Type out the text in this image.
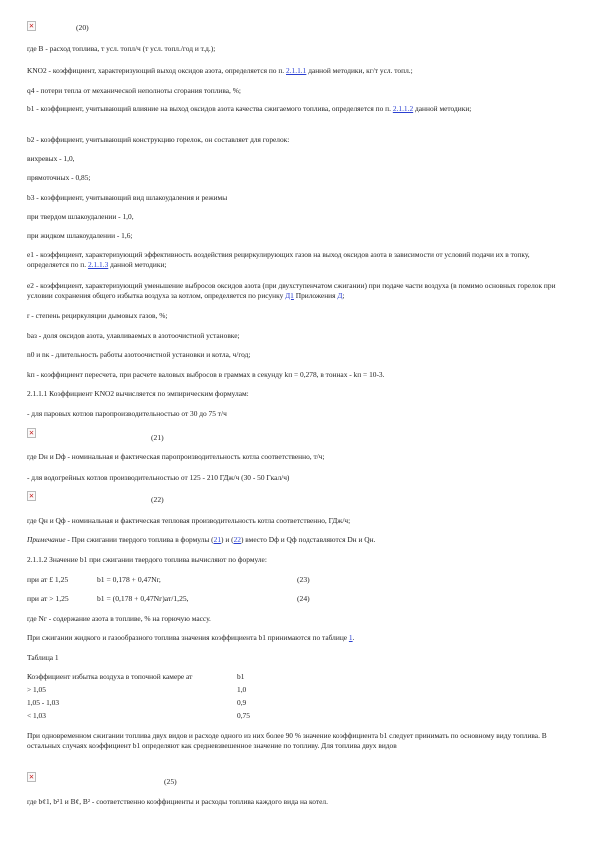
✕
(20)
где В - расход топлива, т усл. топл/ч (т усл. топл./год и т.д.);
KNO2 - коэффициент, характеризующий выход оксидов азота, определяется по п. 2.1.1.1 данной методики, кг/т усл. топл.;
q4 - потери тепла от механической неполноты сгорания топлива, %;
b1 - коэффициент, учитывающий влияние на выход оксидов азота качества сжигаемого топлива, определяется по п. 2.1.1.2 данной методики;
b2 - коэффициент, учитывающий конструкцию горелок, он составляет для горелок:
вихревых - 1,0,
прямоточных - 0,85;
b3 - коэффициент, учитывающий вид шлакоудаления и режимы
при твердом шлакоудалении - 1,0,
при жидком шлакоудалении - 1,6;
e1 - коэффициент, характеризующий эффективность воздействия рециркулирующих газов на выход оксидов азота в зависимости от условий подачи их в топку, определяется по п. 2.1.1.3 данной методики;
e2 - коэффициент, характеризующий уменьшение выбросов оксидов азота (при двухступенчатом сжигании) при подаче части воздуха (в помимо основных горелок при условии сохранения общего избытка воздуха за котлом, определяется по рисунку Д1 Приложения Д;
r - степень рециркуляции дымовых газов, %;
bаз - доля оксидов азота, улавливаемых в азотоочистной установке;
n0 и nк - длительность работы азотоочистной установки и котла, ч/год;
kп - коэффициент пересчета, при расчете валовых выбросов в граммах в секунду kп = 0,278, в тоннах - kп = 10-3.
2.1.1.1 Коэффициент KNO2 вычисляется по эмпирическим формулам:
- для паровых котлов паропроизводительностью от 30 до 75 т/ч
✕
(21)
где Dн и Dф - номинальная и фактическая паропроизводительность котла соответственно, т/ч;
- для водогрейных котлов производительностью от 125 - 210 ГДж/ч (30 - 50 Гкал/ч)
✕
(22)
где Qн и Qф - номинальная и фактическая тепловая производительность котла соответственно, ГДж/ч;
Примечание - При сжигании твердого топлива в формулы (21) и (22) вместо Dф и Qф подставляются Dн и Qн.
2.1.1.2 Значение b1 при сжигании твердого топлива вычисляют по формуле:
при ат £ 1,25	b1 = 0,178 + 0,47Nг,	(23)
при ат > 1,25	b1 = (0,178 + 0,47Nг)ат/1,25,	(24)
где Nг - содержание азота в топливе, % на горючую массу.
При сжигании жидкого и газообразного топлива значения коэффициента b1 принимаются по таблице 1.
Таблица 1
Коэффициент избытка воздуха в топочной камере ат	b1
> 1,05	1,0
1,05 - 1,03	0,9
< 1,03	0,75
При одновременном сжигании топлива двух видов и расходе одного из них более 90 % значение коэффициента b1 следует принимать по основному виду топлива. В остальных случаях коэффициент b1 определяют как средневзвешенное значение по топливу. Для топлива двух видов
✕
(25)
где b¢1, b²1 и B¢, B² - соответственно коэффициенты и расходы топлива каждого вида на котел.
